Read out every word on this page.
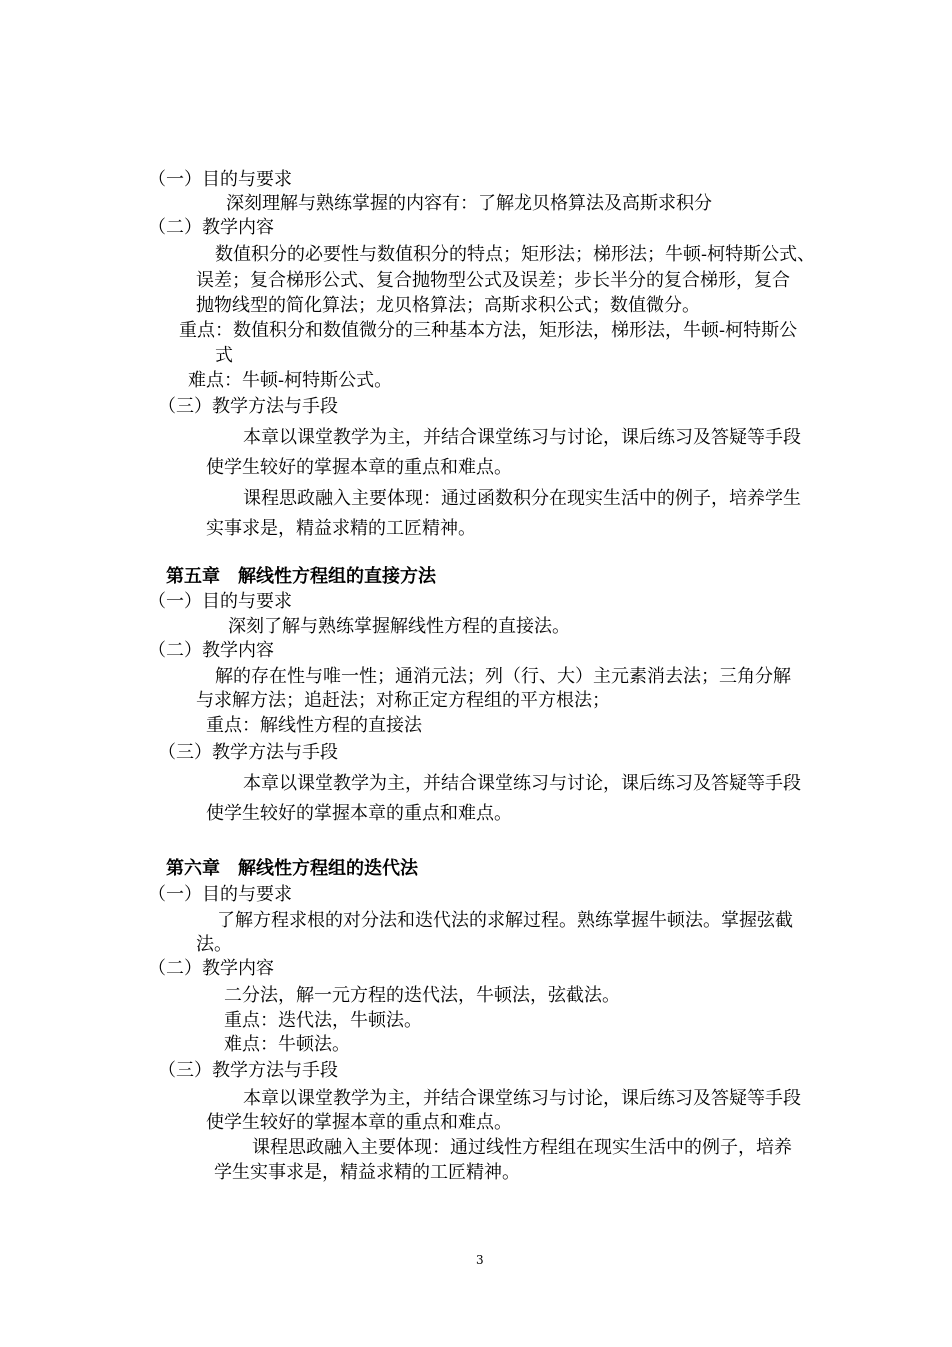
（一）目的与要求
深刻理解与熟练掌握的内容有：了解龙贝格算法及高斯求积分
（二）教学内容
数值积分的必要性与数值积分的特点；矩形法；梯形法；牛顿-柯特斯公式、
误差；复合梯形公式、复合抛物型公式及误差；步长半分的复合梯形，复合
抛物线型的简化算法；龙贝格算法；高斯求积公式；数值微分。
重点：数值积分和数值微分的三种基本方法，矩形法，梯形法，牛顿-柯特斯公
式
难点：牛顿-柯特斯公式。
（三）教学方法与手段
本章以课堂教学为主，并结合课堂练习与讨论，课后练习及答疑等手段
使学生较好的掌握本章的重点和难点。
课程思政融入主要体现：通过函数积分在现实生活中的例子，培养学生
实事求是，精益求精的工匠精神。
第五章　解线性方程组的直接方法
（一）目的与要求
深刻了解与熟练掌握解线性方程的直接法。
（二）教学内容
解的存在性与唯一性；通消元法；列（行、大）主元素消去法；三角分解
与求解方法；追赶法；对称正定方程组的平方根法；
重点：解线性方程的直接法
（三）教学方法与手段
本章以课堂教学为主，并结合课堂练习与讨论，课后练习及答疑等手段
使学生较好的掌握本章的重点和难点。
第六章　解线性方程组的迭代法
（一）目的与要求
了解方程求根的对分法和迭代法的求解过程。熟练掌握牛顿法。掌握弦截
法。
（二）教学内容
二分法，解一元方程的迭代法，牛顿法，弦截法。
重点：迭代法，牛顿法。
难点：牛顿法。
（三）教学方法与手段
本章以课堂教学为主，并结合课堂练习与讨论，课后练习及答疑等手段
使学生较好的掌握本章的重点和难点。
课程思政融入主要体现：通过线性方程组在现实生活中的例子，培养
学生实事求是，精益求精的工匠精神。
3
